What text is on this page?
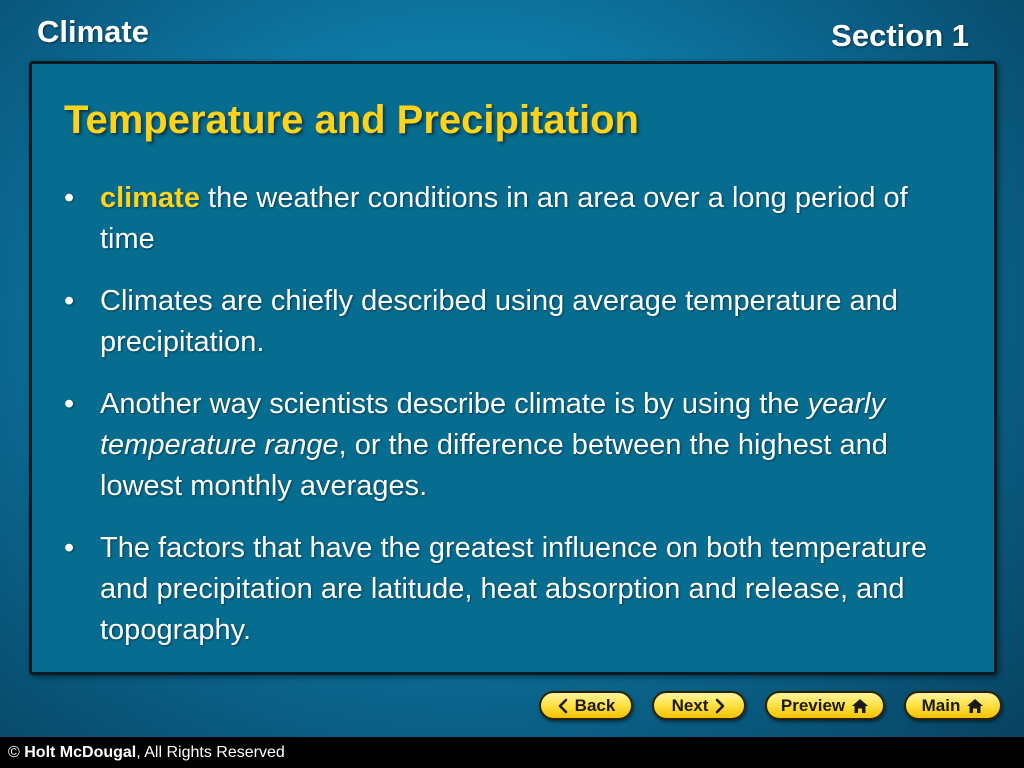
Climate	Section 1
Temperature and Precipitation
• climate the weather conditions in an area over a long period of time
• Climates are chiefly described using average temperature and precipitation.
• Another way scientists describe climate is by using the yearly temperature range, or the difference between the highest and lowest monthly averages.
• The factors that have the greatest influence on both temperature and precipitation are latitude, heat absorption and release, and topography.
Back	Next	Preview	Main
© Holt McDougal, All Rights Reserved
